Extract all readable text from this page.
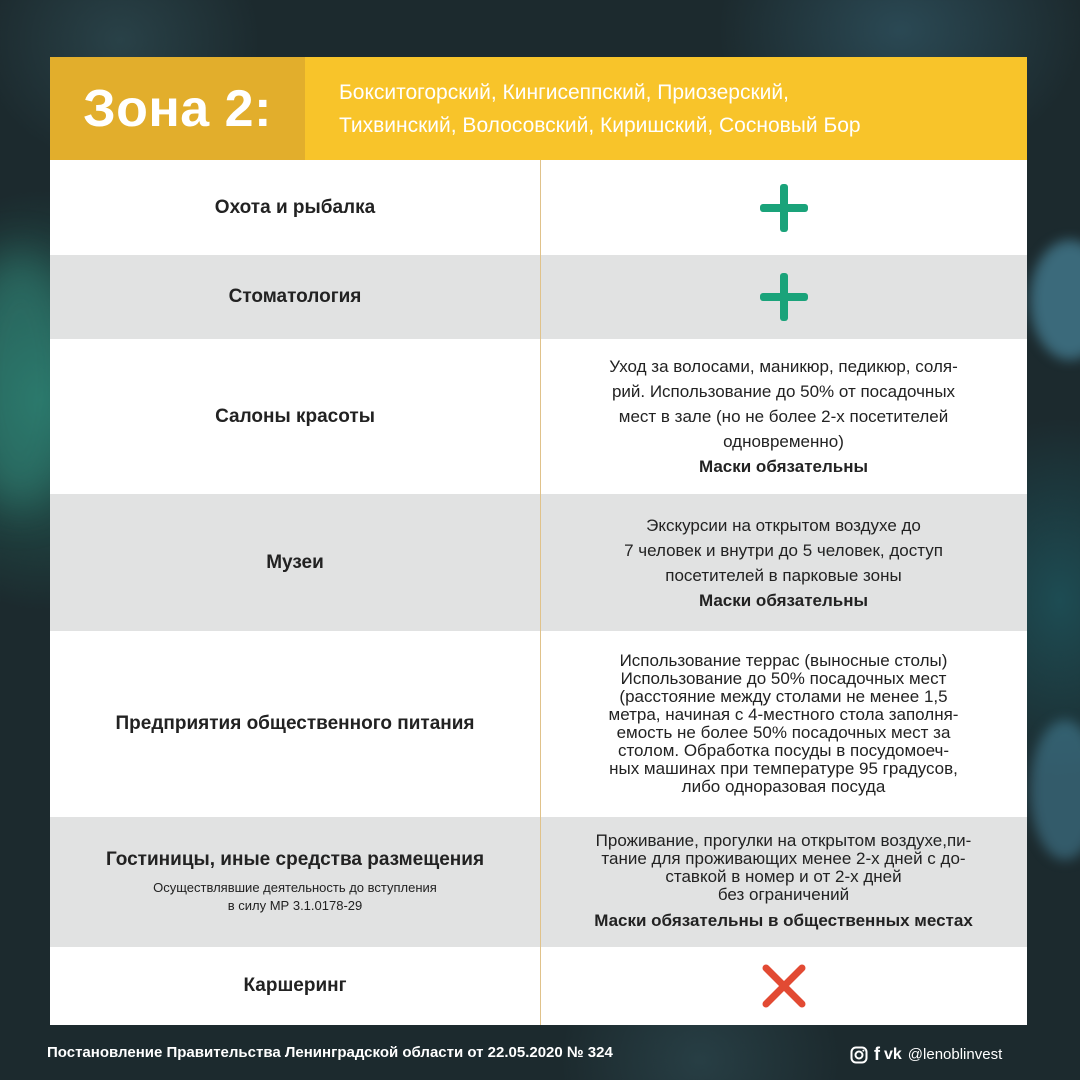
Зона 2:	Бокситогорский, Кингисеппский, Приозерский,
Тихвинский, Волосовский, Киришский, Сосновый Бор
Охота и рыбалка
Стоматология
Салоны красоты
Уход за волосами, маникюр, педикюр, соля-
рий. Использование до 50% от посадочных
мест в зале (но не более 2-х посетителей
одновременно)
Маски обязательны
Музеи
Экскурсии на открытом воздухе до
7 человек и внутри до 5 человек, доступ
посетителей в парковые зоны
Маски обязательны
Предприятия общественного питания
Использование террас (выносные столы)
Использование до 50% посадочных мест
(расстояние между столами не менее 1,5
метра, начиная с 4-местного стола заполня-
емость не более 50% посадочных мест за
столом. Обработка посуды в посудомоеч-
ных машинах при температуре 95 градусов,
либо одноразовая посуда
Гостиницы, иные средства размещения
Осуществлявшие деятельность до вступления
в силу МР 3.1.0178-29
Проживание, прогулки на открытом воздухе,пи-
тание для проживающих менее 2-х дней с до-
ставкой в номер и от 2-х дней
без ограничений
Маски обязательны в общественных местах
Каршеринг
Постановление Правительства Ленинградской области от 22.05.2020 № 324	f vk @lenoblinvest
